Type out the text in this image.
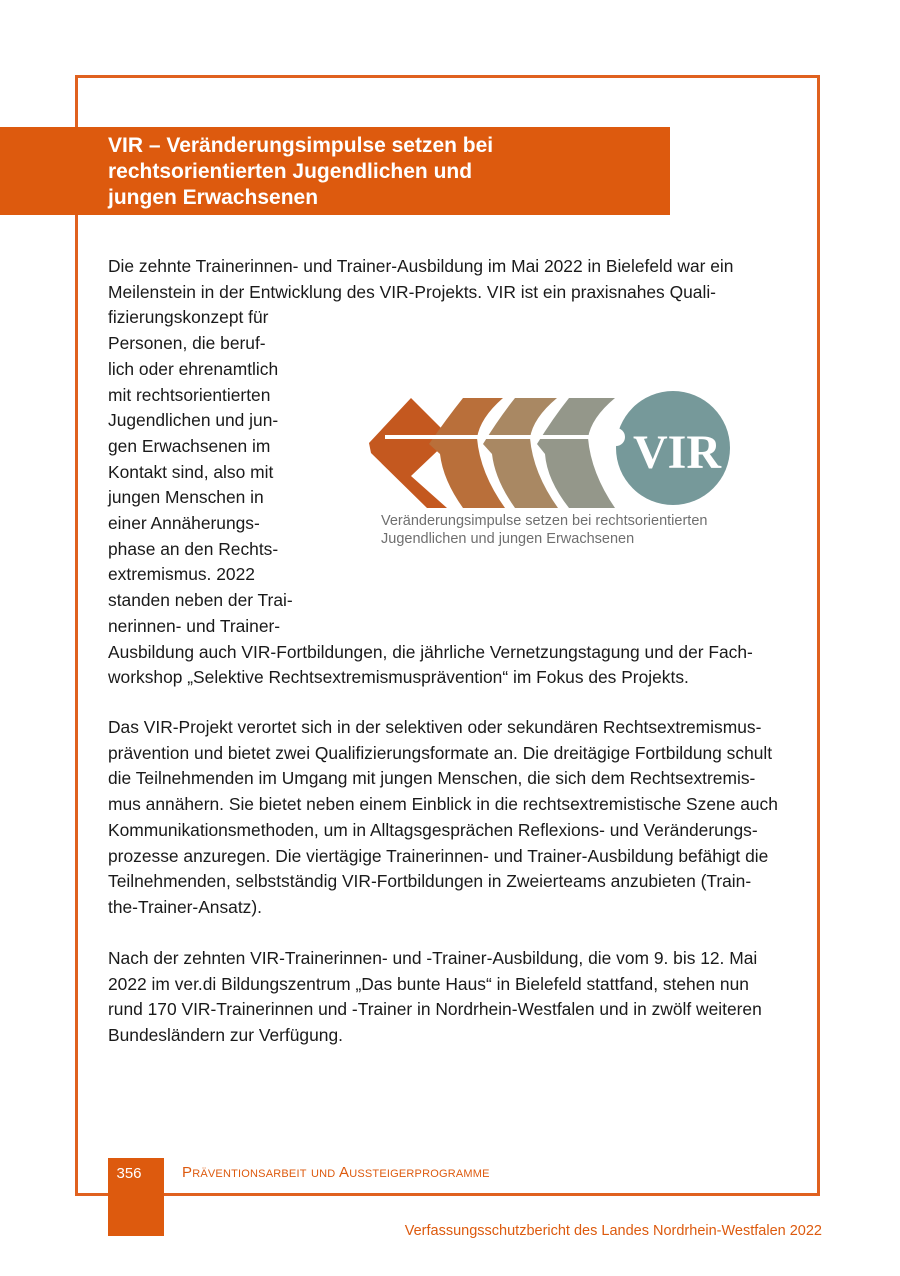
VIR – Veränderungsimpulse setzen bei
rechtsorientierten Jugendlichen und
jungen Erwachsenen
Die zehnte Trainerinnen- und Trainer-Ausbildung im Mai 2022 in Bielefeld war ein
Meilenstein in der Entwicklung des VIR-Projekts. VIR ist ein praxisnahes Quali-
fizierungskonzept für
Personen, die beruf-
lich oder ehrenamtlich
mit rechtsorientierten
Jugendlichen und jun-
gen Erwachsenen im
Kontakt sind, also mit
jungen Menschen in
einer Annäherungs-
phase an den Rechts-
extremismus. 2022
standen neben der Trai-
nerinnen- und Trainer-
Ausbildung auch VIR-Fortbildungen, die jährliche Vernetzungstagung und der Fach-
workshop „Selektive Rechtsextremismusprävention“ im Fokus des Projekts.
VIR
Veränderungsimpulse setzen bei rechtsorientierten
Jugendlichen und jungen Erwachsenen
Das VIR-Projekt verortet sich in der selektiven oder sekundären Rechtsextremismus-
prävention und bietet zwei Qualifizierungsformate an. Die dreitägige Fortbildung schult
die Teilnehmenden im Umgang mit jungen Menschen, die sich dem Rechtsextremis-
mus annähern. Sie bietet neben einem Einblick in die rechtsextremistische Szene auch
Kommunikationsmethoden, um in Alltagsgesprächen Reflexions- und Veränderungs-
prozesse anzuregen. Die viertägige Trainerinnen- und Trainer-Ausbildung befähigt die
Teilnehmenden, selbstständig VIR-Fortbildungen in Zweierteams anzubieten (Train-
the-Trainer-Ansatz).
Nach der zehnten VIR-Trainerinnen- und -Trainer-Ausbildung, die vom 9. bis 12. Mai
2022 im ver.di Bildungszentrum „Das bunte Haus“ in Bielefeld stattfand, stehen nun
rund 170 VIR-Trainerinnen und -Trainer in Nordrhein-Westfalen und in zwölf weiteren
Bundesländern zur Verfügung.
356	Präventionsarbeit und Aussteigerprogramme
Verfassungsschutzbericht des Landes Nordrhein-Westfalen 2022
